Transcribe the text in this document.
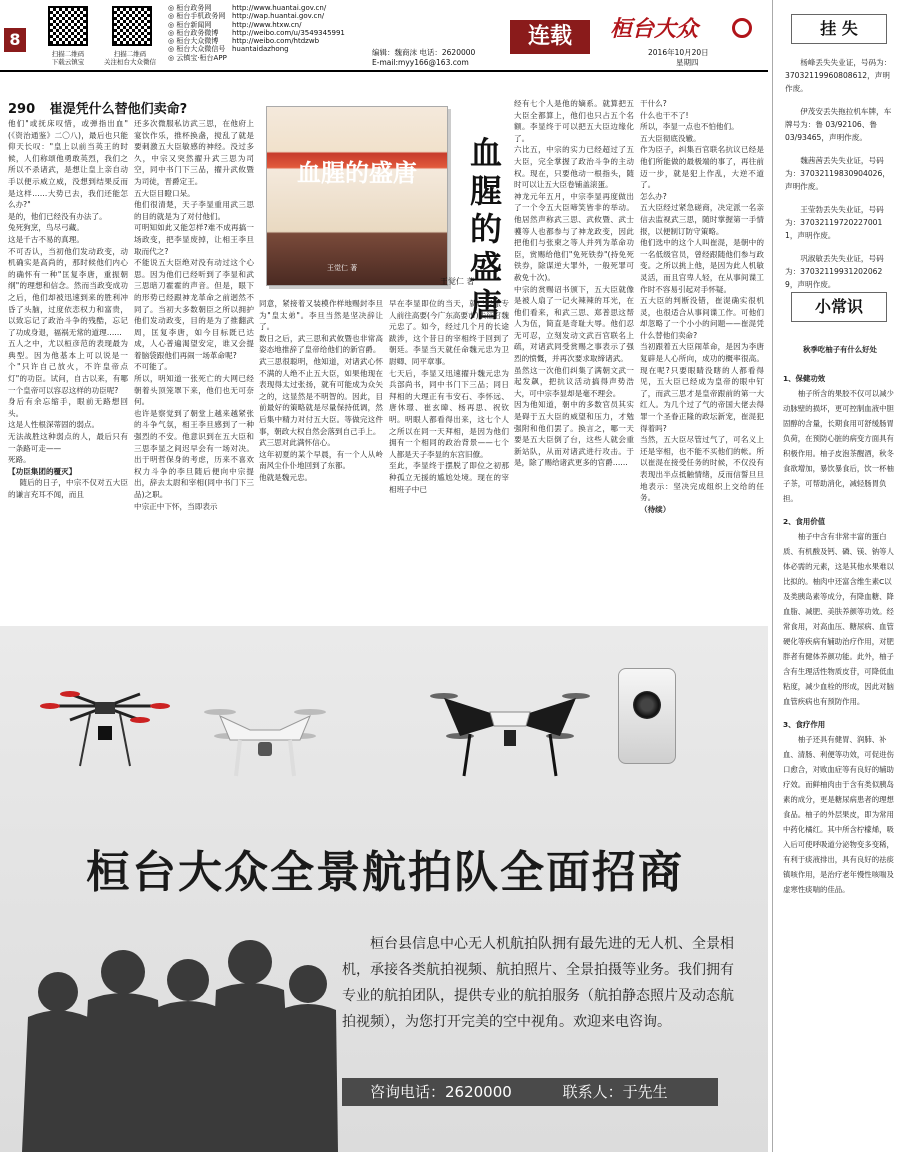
8
扫描二维码
下载云镇宝
扫描二维码
关注桓台大众微信
◎ 桓台政务网
◎ 桓台手机政务网
◎ 桓台新闻网
◎ 桓台政务微博
◎ 桓台大众微博
◎ 桓台大众微信号
◎ 云镇宝·桓台APP
http://www.huantai.gov.cn/
http://wap.huantai.gov.cn/
http://www.htxw.cn/
http://weibo.com/u/3549345991
http://weibo.com/htdzwb
huantaidazhong	编辑：魏商沫 电话：2620000
E-mail:myy166@163.com
连载	桓台大众
2016年10月20日
星期四
290 崔湜凭什么替他们卖命?
他们"或抚床叹惜，或弹指出血"(《资治通鉴》二〇八)，最后也只能仰天长叹："皇上以前当英王的时候，人们称颂他勇敢英烈，我们之所以不杀诸武，是想让皇上亲自动手以便示威立威，没想到结果反而是这样……大势已去，我们还能怎么办?"
是的，他们已经没有办法了。
兔死狗烹，鸟尽弓藏。
这是千古不易的真理。
不可否认，当初他们发动政变，动机确实是高尚的，那时候他们内心的确怀有一种"匡复李唐，重振朝纲"的理想和信念。然而当政变成功之后，他们却被迅速到来的胜利冲昏了头脑，过度依恋权力和富贵，以致忘记了政治斗争的残酷，忘记了功成身退，福祸无常的道理……
五人之中，尤以桓彦范的表现最为典型。因为他基本上可以说是一个"只许自己放火，不许皇帝点灯"的功臣。试问，自古以来，有哪一个皇帝可以容忍这样的功臣呢?
身后有余忘缩手，眼前无路想回头。
这是人性根深蒂固的弱点。
无法战胜这种弱点的人，最后只有一条路可走——
死路。
【功臣集团的覆灭】

随后的日子，中宗不仅对五大臣的谦言充耳不闻，而且

还多次微服私访武三思，在他府上宴饮作乐，推杯换盏，搅乱了就是要刺激五大臣敏感的神经。没过多久，中宗又突然擢升武三思为司空，同中书门下三品，擢升武攸暨为司徒，晋爵定王。
五大臣目瞪口呆。
他们很清楚，天子李显重用武三思的目的就是为了对付他们。
可明知如此又能怎样?难不成再搞一场政变，把李显废掉，让相王李旦取而代之?
不能说五大臣绝对没有动过这个心思。因为他们已经听到了李显和武三思暗刀霍霍的声音。但是，眼下的形势已经跟神龙革命之前迥然不同了。当初大多数朝臣之所以拥护他们发动政变，目的是为了推翻武周，匡复李唐，如今目标既已达成，人心普遍渴望安定，谁又会提着脑袋跟他们再闹一场革命呢?
不可能了。
所以，明知道一张死亡的大网已经朝着头顶笼罩下来，他们也无可奈何。
也许是察觉到了朝堂上越来越紧张的斗争气氛，相王李旦感到了一种强烈的不安。他意识到在五大臣和三思李显之间迟早会有一场对决。出于明哲保身的考虑，历来不喜欢权力斗争的李旦随后便向中宗提出，辞去太尉和宰相(同中书门下三品)之职。
中宗正中下怀，当即表示
血腥的盛唐
王觉仁 著
血腥的盛唐
王觉仁 著
同意，紧接着又装模作样地赐封李旦为"皇太弟"。李旦当然是坚决辞让了。
数日之后，武三思和武攸暨也非常高姿态地推辞了皇帝给他们的新官爵。
武三思很聪明，他知道，对诸武心怀不满的人绝不止五大臣，如果他现在表现得太过张扬，就有可能成为众矢之的，这显然是不明智的。因此，目前最好的策略就是尽量保持低调，然后集中精力对付五大臣。等做完这件事，朝政大权自然会落到自己手上。
武三思对此满怀信心。
这年初夏的某个早晨，有一个人从岭南风尘仆仆地回到了东都。
他就是魏元忠。
早在李显即位的当天，就已经派专人前往高要(今广东高要市)去征召魏元忠了。如今，经过几个月的长途跋涉，这个昔日的宰相终于回到了朝廷。李显当天就任命魏元忠为卫尉卿、同平章事。
七天后，李显又迅速擢升魏元忠为兵部尚书，同中书门下三品；同日拜相的大理正有韦安石、李怀远、唐休璟、崔玄暐、杨再思、祝钦明。明眼人都看得出来，这七个人之所以在同一天拜相，是因为他们拥有一个相同的政治背景——七个人都是天子李显的东宫旧僚。
至此，李显终于摆脱了即位之初那种孤立无援的尴尬处境。现在的宰相班子中已
经有七个人是他的嫡系。就算把五大臣全都算上，他们也只占五个名额。李显终于可以把五大臣边缘化了。
六比五，中宗的实力已经超过了五大臣，完全掌握了政治斗争的主动权。现在，只要他动一根指头，随时可以让五大臣卷铺盖滚蛋。
神龙元年五月，中宗李显再度做出了一个令五大臣啼笑皆非的举动。他居然声称武三思、武攸暨、武士彟等人也都参与了神龙政变，因此把他们与张柬之等人并列为革命功臣，赏赐给他们"免死铁券"(持免死铁券，除谋逆大罪外，一般死罪可赦免十次)。
中宗的赏赐诏书颁下，五大臣就像是被人扇了一记火辣辣的耳光，在他们看来，和武三思、郑普思这帮人为伍，简直是奇耻大辱。他们忍无可忍，立刻发动文武百官联名上疏，对诸武同受赏赐之事表示了强烈的愤慨，并再次要求取缔诸武。
虽然这一次他们纠集了满朝文武一起发飙，把抗议活动搞得声势浩大，可中宗李显却是毫不理会。
因为他知道，朝中的多数官员其实是碍于五大臣的威望和压力，才勉强附和他们罢了。换言之，哪一天要是五大臣倒了台，这些人就会重新站队，从而对诸武进行攻击。于是，除了赐给诸武更多的官爵……
干什么?
什么也干不了!
所以，李显一点也不怕他们。
五大臣彻底没辙。
作为臣子，纠集百官联名抗议已经是他们所能做的最极端的事了，再往前迈一步，就是犯上作乱，大逆不道了。
怎么办?
五大臣经过紧急磋商，决定派一名亲信去监视武三思，随时掌握第一手情报，以便制订防守策略。
他们选中的这个人叫崔湜，是朝中的一名低级官员，曾经跟随他们参与政变。之所以挑上他，是因为此人机敏灵活，而且官卑人轻，在从事间谍工作时不容易引起对手怀疑。
五大臣的判断没错，崔湜确实很机灵，也很适合从事间谍工作。可他们却忽略了一个小小的问题——崔湜凭什么替他们卖命?
当初跟着五大臣闹革命，是因为李唐复辟是人心所向，成功的概率很高。现在呢?只要眼睛没瞎的人都看得见，五大臣已经成为皇帝的眼中钉了，而武三思才是皇帝跟前的第一大红人。为几个过了气的帝国大佬去得罪一个圣眷正隆的政坛新宠，崔湜犯得着吗?
当然，五大臣尽管过气了，可名义上还是宰相，也不能不买他们的帐。所以崔湜在接受任务的时候，不仅没有表现出半点抵触情绪，反而信誓旦旦地表示：坚决完成组织上交给的任务。
（待续）
桓台大众全景航拍队全面招商
桓台县信息中心无人机航拍队拥有最先进的无人机、全景相机，承接各类航拍视频、航拍照片、全景拍摄等业务。我们拥有专业的航拍团队，提供专业的航拍服务（航拍静态照片及动态航拍视频），为您打开完美的空中视角。欢迎来电咨询。
咨询电话：2620000	联系人：于先生
挂 失

杨峰丢失失业证，号码为：37032119960808612，声明作废。

伊茂安丢失拖拉机车牌，车牌号为：鲁 03/92106、鲁 03/93465，声明作废。

魏茜茜丢失失业证，号码为：37032119830904026，声明作废。

王莹勃丢失失业证，号码为：37032119720227001 1，声明作废。

巩淑敏丢失失业证，号码为：37032119931202062 9，声明作废。

小常识
秋季吃柚子有什么好处
1、保健功效

柚子所含的果胶不仅可以减少动脉壁的损坏，更可控制血液中胆固醇的含量，长期食用可舒缓肠胃负荷，在预防心脏的病变方面具有积极作用。柚子皮泡茶醒酒，秋冬食欲增加，暴饮暴食后，饮一杯柚子茶，可帮助消化，减轻肠胃负担。

2、食用价值

柚子中含有非常丰富的蛋白质、有机酸及钙、磷、镁、钠等人体必需的元素，这是其他水果难以比拟的。柚肉中还富含维生素C以及类胰岛素等成分，有降血糖、降血脂、减肥、美肤养颜等功效。经常食用，对高血压、糖尿病、血管硬化等疾病有辅助治疗作用，对肥胖者有健体养颜功能。此外，柚子含有生理活性物质皮苷，可降低血粘度，减少血栓的形成，因此对脑血管疾病也有预防作用。

3、食疗作用

柚子还具有健胃、润肺、补血、清肠、利便等功效，可促进伤口愈合，对败血症等有良好的辅助疗效。而鲜柚肉由于含有类似胰岛素的成分，更是糖尿病患者的理想食品。柚子的外层果皮，即为常用中药化橘红。其中所含柠檬烯，吸入后可使呼吸道分泌物变多变稀，有利于痰液排出，具有良好的祛痰镇咳作用，是治疗老年慢性咳喘及虚寒性痰喘的佳品。
